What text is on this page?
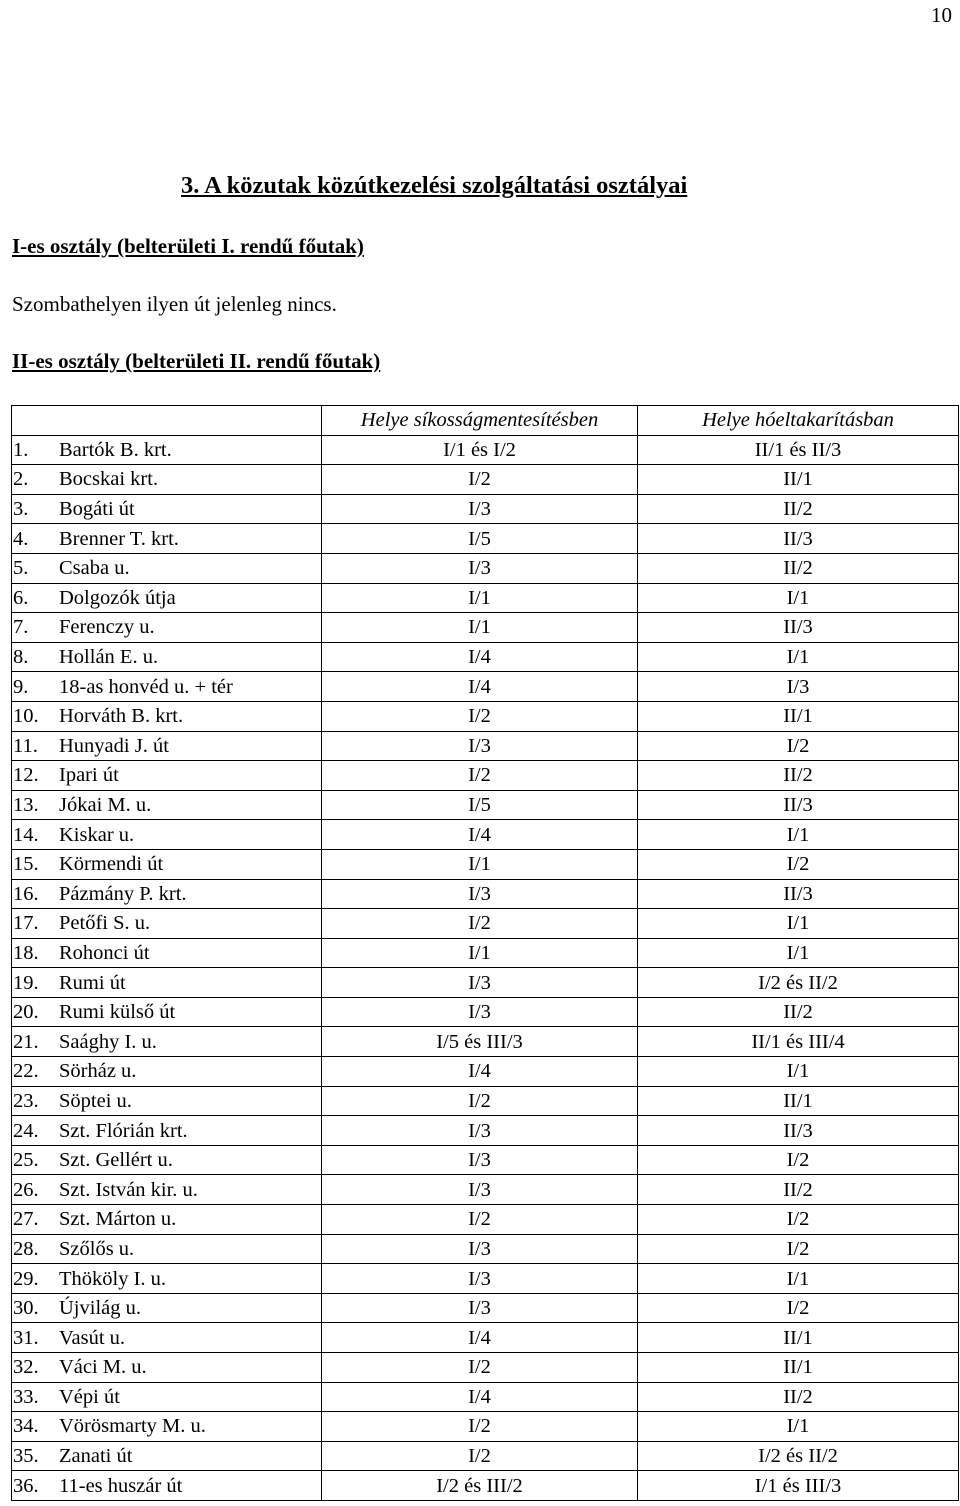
10
3. A közutak közútkezelési szolgáltatási osztályai
I-es osztály (belterületi I. rendű főutak)
Szombathelyen ilyen út jelenleg nincs.
II-es osztály (belterületi II. rendű főutak)
	Helye síkosságmentesítésben	Helye hóeltakarításban
1. Bartók B. krt.	I/1 és I/2	II/1 és II/3
2. Bocskai krt.	I/2	II/1
3. Bogáti út	I/3	II/2
4. Brenner T. krt.	I/5	II/3
5. Csaba u.	I/3	II/2
6. Dolgozók útja	I/1	I/1
7. Ferenczy u.	I/1	II/3
8. Hollán E. u.	I/4	I/1
9. 18-as honvéd u. + tér	I/4	I/3
10. Horváth B. krt.	I/2	II/1
11. Hunyadi J. út	I/3	I/2
12. Ipari út	I/2	II/2
13. Jókai M. u.	I/5	II/3
14. Kiskar u.	I/4	I/1
15. Körmendi út	I/1	I/2
16. Pázmány P. krt.	I/3	II/3
17. Petőfi S. u.	I/2	I/1
18. Rohonci út	I/1	I/1
19. Rumi út	I/3	I/2 és II/2
20. Rumi külső út	I/3	II/2
21. Saághy I. u.	I/5 és III/3	II/1 és III/4
22. Sörház u.	I/4	I/1
23. Söptei u.	I/2	II/1
24. Szt. Flórián krt.	I/3	II/3
25. Szt. Gellért u.	I/3	I/2
26. Szt. István kir. u.	I/3	II/2
27. Szt. Márton u.	I/2	I/2
28. Szőlős u.	I/3	I/2
29. Thököly I. u.	I/3	I/1
30. Újvilág u.	I/3	I/2
31. Vasút u.	I/4	II/1
32. Váci M. u.	I/2	II/1
33. Vépi út	I/4	II/2
34. Vörösmarty M. u.	I/2	I/1
35. Zanati út	I/2	I/2 és II/2
36. 11-es huszár út	I/2 és III/2	I/1 és III/3
